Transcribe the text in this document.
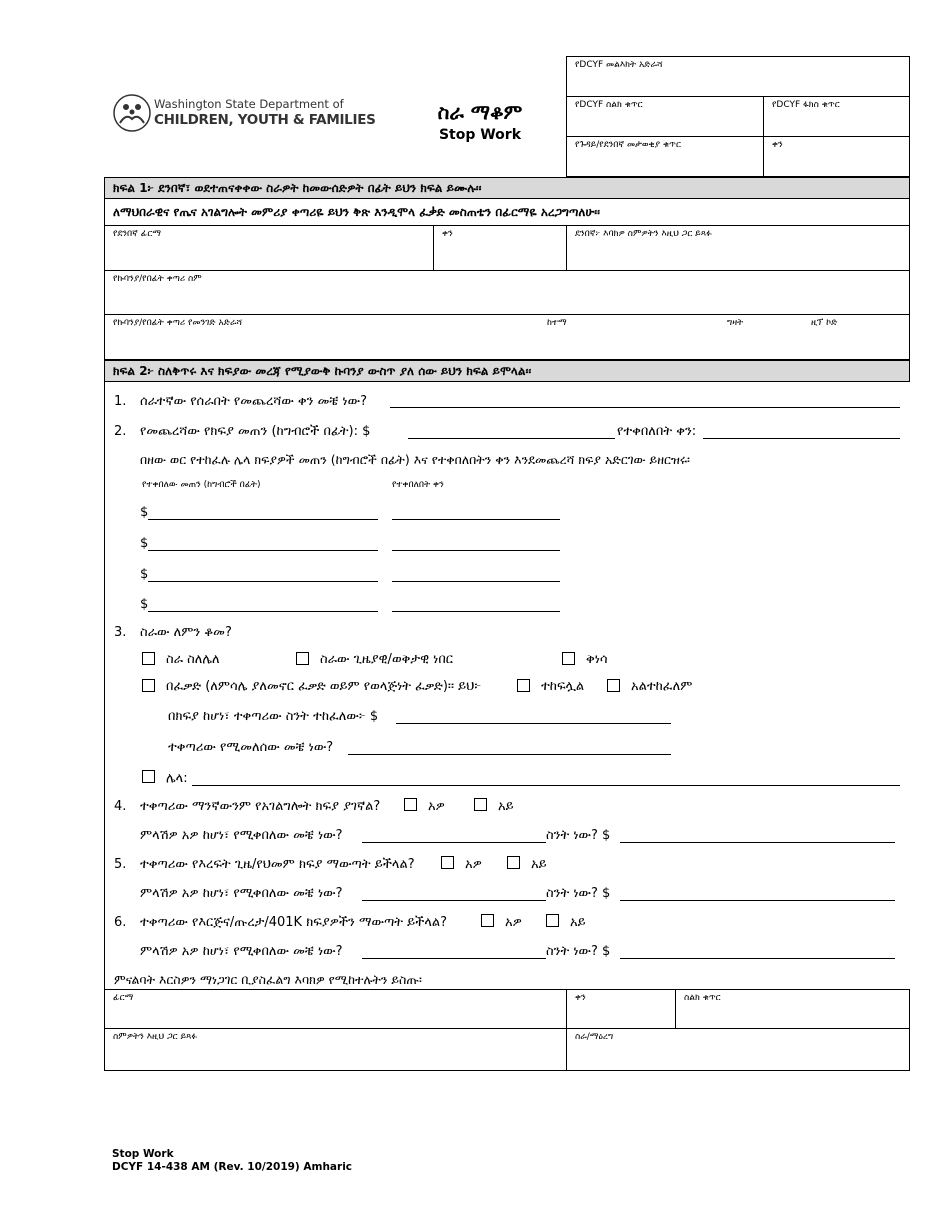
Washington State Department of
CHILDREN, YOUTH & FAMILIES	ስራ ማቆም
Stop Work
የDCYF መልእክት አድራሻ
የDCYF ስልክ ቁጥር	የDCYF ፋክስ ቁጥር
የጉዳይ/የደንበኛ መታወቂያ ቁጥር	ቀን
ክፍል 1፦ ደንበኛ፣ ወደተጠናቀቀው ስራዎት ከመውሰድዎት በፊት ይህን ክፍል ይሙሉ፡፡
ለማህበራዊና የጤና አገልግሎት መምሪያ ቀጣሪዬ ይህን ቅጽ እንዲሞላ ፈቃድ መስጠቴን በፊርማዬ አረጋግጣለሁ፡፡
የደንበኛ ፊርማ	ቀን	ደንበኛ፦ እባክዎ ስምዎትን እዚህ ጋር ይጻፉ
የኩባንያ/የበፊት ቀጣሪ ስም
የኩባንያ/የበፊት ቀጣሪ የመንገድ አድራሻ	ከተማ	ግዛት	ዚፕ ኮድ
ክፍል 2፦ ስለቅጥሩ እና ክፍያው መረጃ የሚያውቅ ኩባንያ ውስጥ ያለ ሰው ይህን ክፍል ይሞላል፡፡
1. ሰራተኛው የሰራበት የመጨረሻው ቀን መቼ ነው?
2. የመጨረሻው የክፍያ መጠን (ከግብሮች በፊት): $	የተቀበለበት ቀን:
በዘው ወር የተከፈሉ ሌላ ክፍያዎች መጠን (ከግብሮች በፊት) እና የተቀበለበትን ቀን እንደመጨረሻ ክፍያ አድርገው ይዘርዝሩ፡
የተቀበለው መጠን (ከግብሮች በፊት)	የተቀበለበት ቀን
$
$
$
$
3. ስራው ለምን ቆመ?
ስራ ስለሌለ	ስራው ጊዜያዊ/ወቅታዊ ነበር	ቅነሳ
በፈቃድ (ለምሳሌ ያለመኖር ፈቃድ ወይም የወላጅነት ፈቃድ)፡፡ ይህ፦	ተከፍሏል	አልተከፈለም
በክፍያ ከሆነ፣ ተቀጣሪው ስንት ተከፈለው፦ $
ተቀጣሪው የሚመለሰው መቼ ነው?
ሌላ:
4. ተቀጣሪው ማንኛውንም የአገልግሎት ክፍያ ያገኛል?	አዎ	አይ
ምላሽዎ አዎ ከሆነ፣ የሚቀበለው መቼ ነው?	ስንት ነው? $
5. ተቀጣሪው የእረፍት ጊዜ/የህመም ክፍያ ማውጣት ይችላል?	አዎ	አይ
ምላሽዎ አዎ ከሆነ፣ የሚቀበለው መቼ ነው?	ስንት ነው? $
6. ተቀጣሪው የእርጅና/ጡረታ/401K ክፍያዎችን ማውጣት ይችላል?	አዎ	አይ
ምላሽዎ አዎ ከሆነ፣ የሚቀበለው መቼ ነው?	ስንት ነው? $
ምናልባት እርስዎን ማነጋገር ቢያስፈልግ እባክዎ የሚከተሉትን ይስጡ፡
ፊርማ	ቀን	ስልክ ቁጥር
ስምዎትን እዚህ ጋር ይጻፉ	ስራ/ማዕረግ
Stop Work
DCYF 14-438 AM (Rev. 10/2019) Amharic
